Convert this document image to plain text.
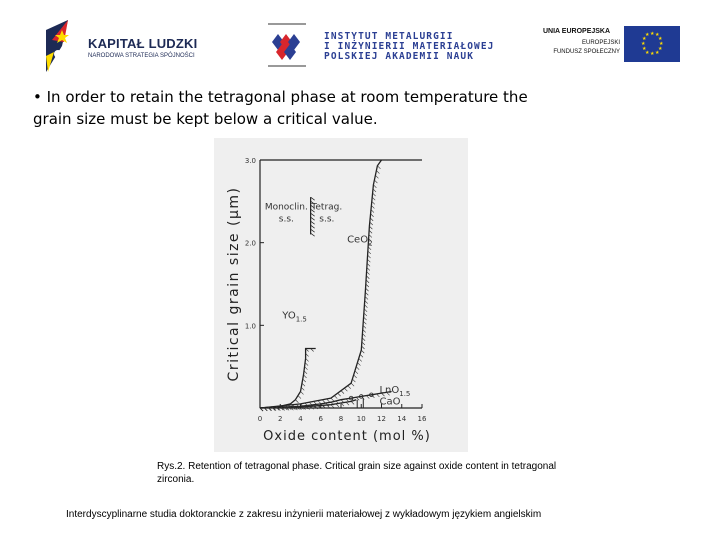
KAPITAŁ LUDZKI
NARODOWA STRATEGIA SPÓJNOŚCI
INSTYTUT METALURGII
I INŻYNIERII MATERIAŁOWEJ
POLSKIEJ AKADEMII NAUK
UNIA EUROPEJSKA
EUROPEJSKI
FUNDUSZ SPOŁECZNY
★ ★
★
★
★
★
★
★
★
★
★
★
• In order to retain the tetragonal phase at room temperature the grain size must be kept below a critical value.
0 2 4 6 8 10 12 14 16
1.0
2.0
3.0
Oxide content (mol %)
Critical grain size (μm)	Monoclin.
s.s.
Tetrag.
s.s.
CeO$_2$
$YO_{1.5}$
LnO$_{1.5}$
CaO
Rys.2. Retention of tetragonal phase. Critical grain size against oxide content in tetragonal zirconia.
Interdyscyplinarne studia doktoranckie z zakresu inżynierii materiałowej z wykładowym językiem angielskim
